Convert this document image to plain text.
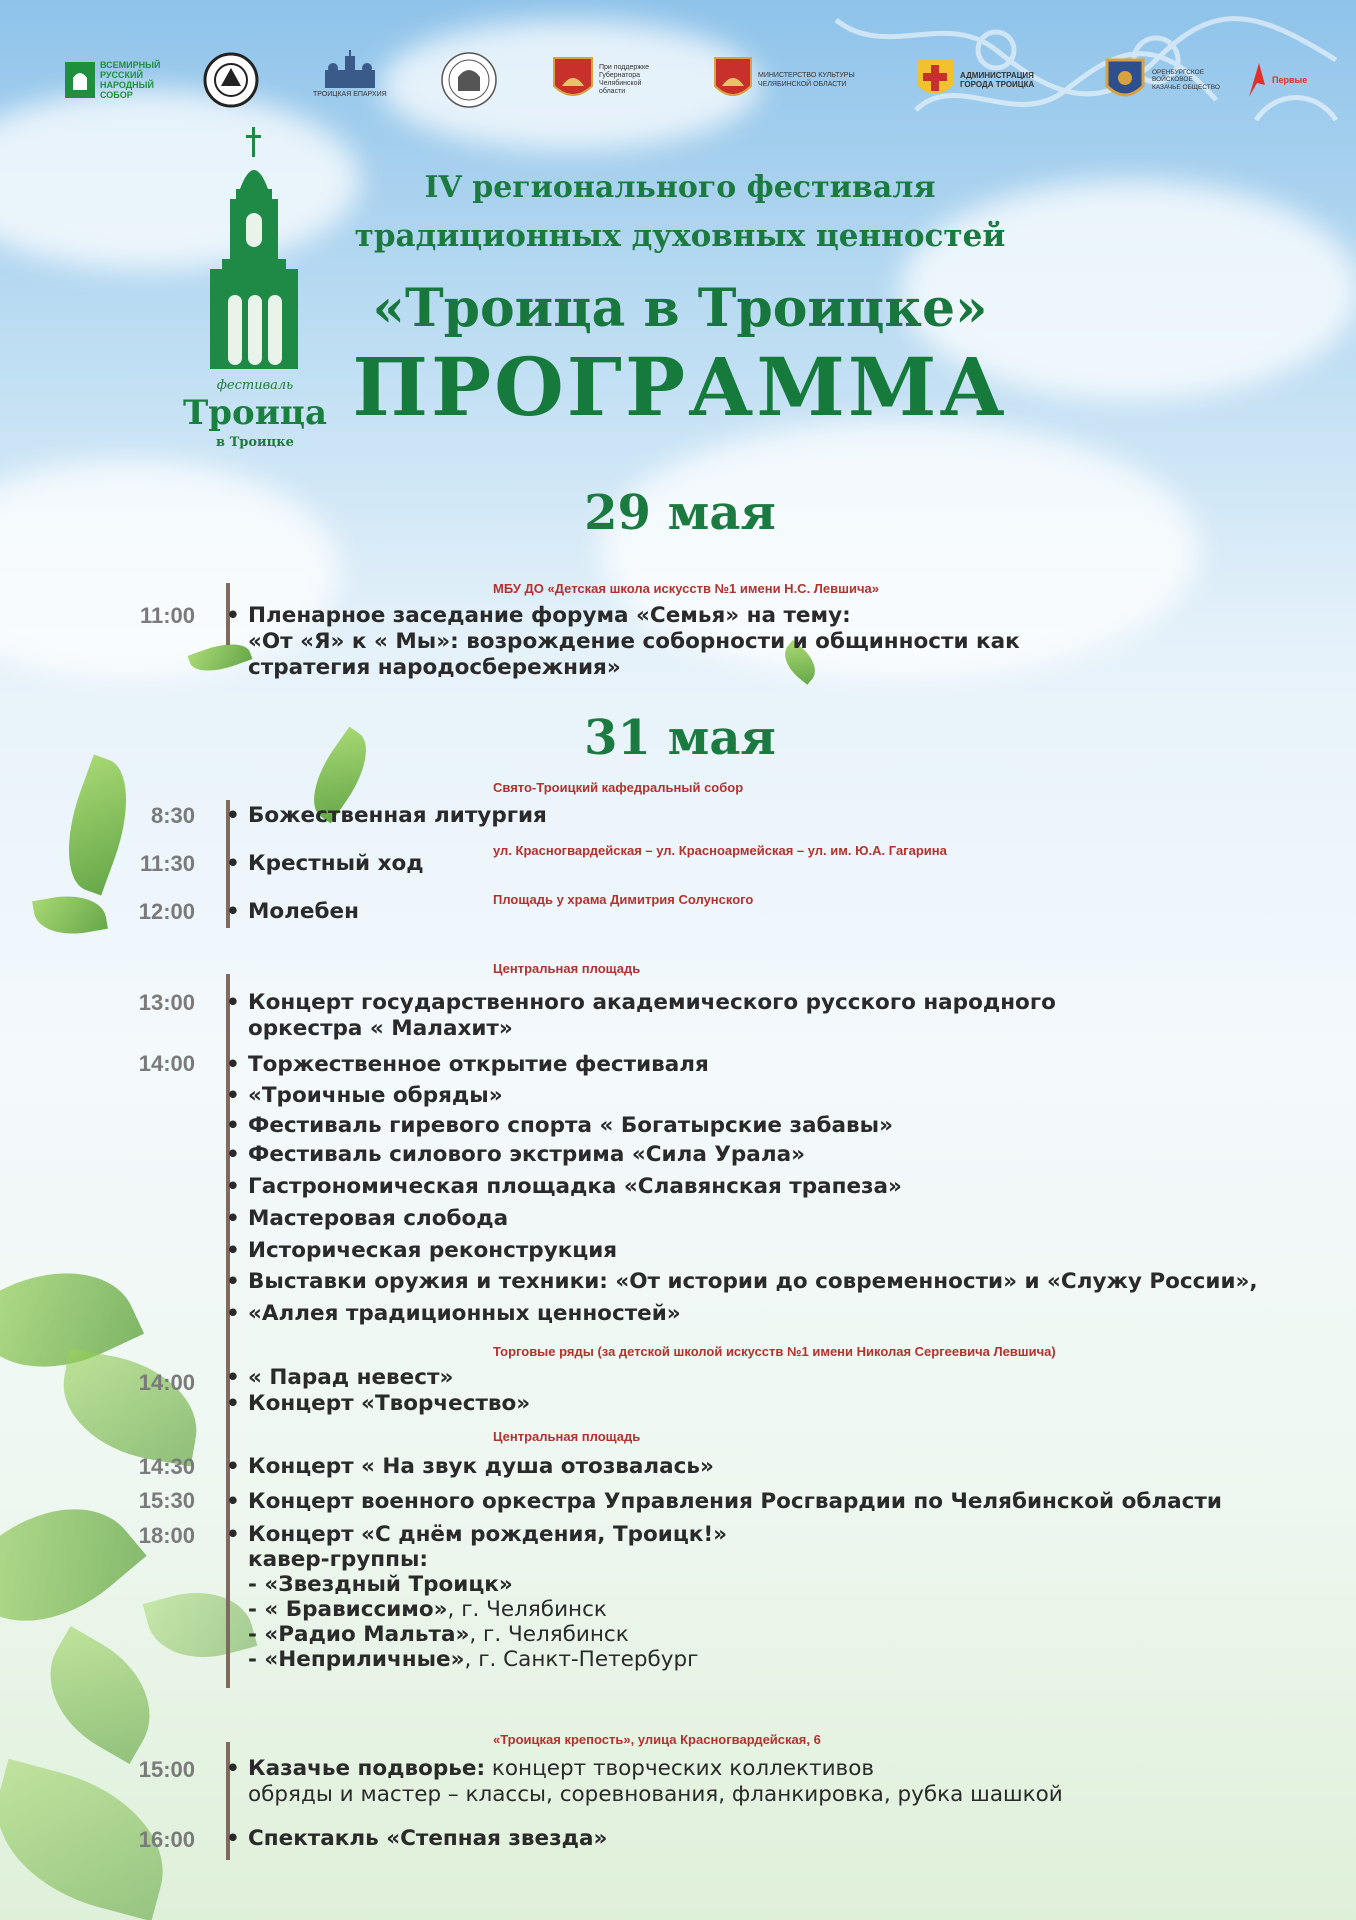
ВСЕМИРНЫЙ
РУССКИЙ
НАРОДНЫЙ
СОБОР	ТРОИЦКАЯ ЕПАРХИЯ
При поддержке
Губернатора
Челябинской
области
МИНИСТЕРСТВО КУЛЬТУРЫ
ЧЕЛЯБИНСКОЙ ОБЛАСТИ
АДМИНИСТРАЦИЯ
ГОРОДА ТРОИЦКА
ОРЕНБУРГСКОЕ
ВОЙСКОВОЕ
КАЗАЧЬЕ ОБЩЕСТВО
Первые
фестиваль
Троица
в Троицке
IV регионального фестиваля
традиционных духовных ценностей
«Троица в Троицке»
ПРОГРАММА
29 мая
МБУ ДО «Детская школа искусств №1 имени Н.С. Левшича»
11:00 • Пленарное заседание форума «Семья» на тему:
«От «Я» к « Мы»: возрождение соборности и общинности как
стратегия народосбережния»
31 мая
Свято-Троицкий кафедральный собор
8:30 • Божественная литургия
ул. Красногвардейская – ул. Красноармейская – ул. им. Ю.А. Гагарина
11:30 • Крестный ход
Площадь у храма Димитрия Солунского
12:00 • Молебен
Центральная площадь
13:00 • Концерт государственного академического русского народного
оркестра « Малахит»
14:00 • Торжественное открытие фестиваля
• «Троичные обряды»
• Фестиваль гиревого спорта « Богатырские забавы»
• Фестиваль силового экстрима «Сила Урала»
• Гастрономическая площадка «Славянская трапеза»
• Мастеровая слобода
• Историческая реконструкция
• Выставки оружия и техники: «От истории до современности» и «Служу России»,
• «Аллея традиционных ценностей»
Торговые ряды (за детской школой искусств №1 имени Николая Сергеевича Левшича)
14:00 • « Парад невест»
• Концерт «Творчество»
Центральная площадь
14:30 • Концерт « На звук душа отозвалась»
15:30 • Концерт военного оркестра Управления Росгвардии по Челябинской области
18:00 • Концерт «С днём рождения, Троицк!»
кавер-группы:
- «Звездный Троицк»
- « Брависсимо», г. Челябинск
- «Радио Мальта», г. Челябинск
- «Неприличные», г. Санкт-Петербург
«Троицкая крепость», улица Красногвардейская, 6
15:00 • Казачье подворье: концерт творческих коллективов
обряды и мастер – классы, соревнования, фланкировка, рубка шашкой
16:00 • Спектакль «Степная звезда»
